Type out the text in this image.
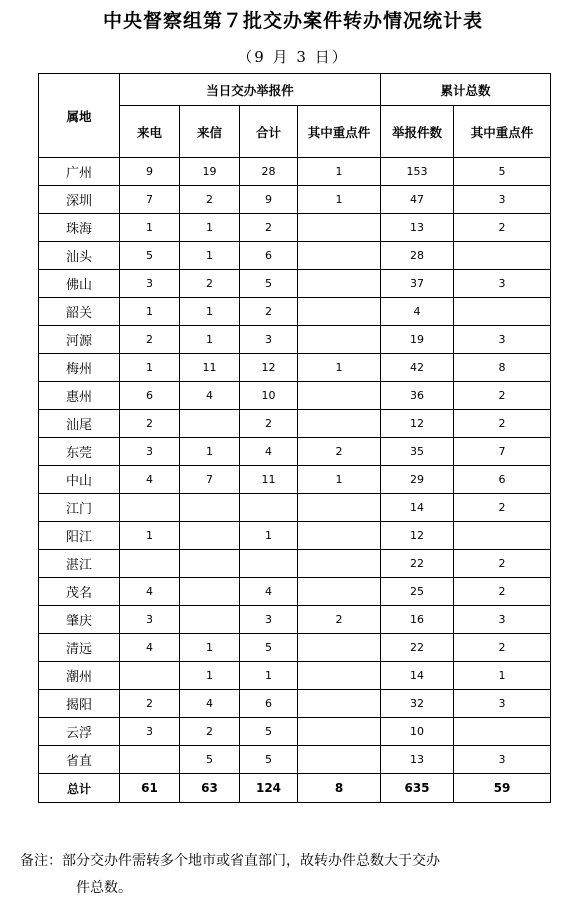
中央督察组第７批交办案件转办情况统计表
（9 月 3 日）
属地	当日交办举报件				累计总数	
	来电	来信	合计	其中重点件	举报件数	其中重点件
广州	9	19	28	1	153	5
深圳	7	2	9	1	47	3
珠海	1	1	2		13	2
汕头	5	1	6		28	
佛山	3	2	5		37	3
韶关	1	1	2		4	
河源	2	1	3		19	3
梅州	1	11	12	1	42	8
惠州	6	4	10		36	2
汕尾	2		2		12	2
东莞	3	1	4	2	35	7
中山	4	7	11	1	29	6
江门					14	2
阳江	1		1		12	
湛江					22	2
茂名	4		4		25	2
肇庆	3		3	2	16	3
清远	4	1	5		22	2
潮州		1	1		14	1
揭阳	2	4	6		32	3
云浮	3	2	5		10	
省直		5	5		13	3
总计	61	63	124	8	635	59
备注：部分交办件需转多个地市或省直部门，故转办件总数大于交办
件总数。
